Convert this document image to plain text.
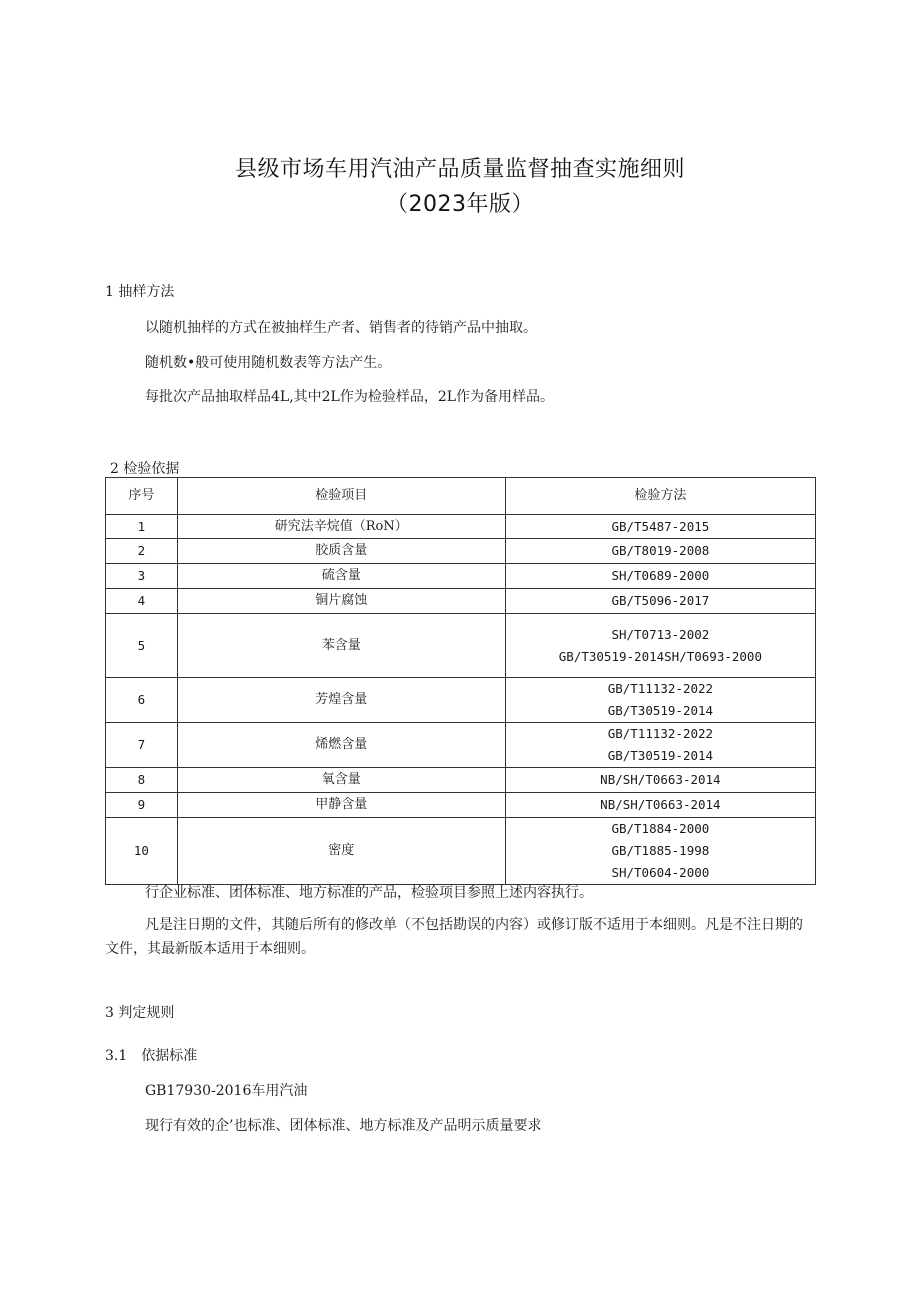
县级市场车用汽油产品质量监督抽查实施细则
（2023年版）
1 抽样方法
以随机抽样的方式在被抽样生产者、销售者的待销产品中抽取。
随机数•般可使用随机数表等方法产生。
每批次产品抽取样品4L,其中2L作为检验样品，2L作为备用样品。
2 检验依据
序号	检验项目	检验方法
1	研究法辛烷值（RoN）	GB/T5487-2015

2	胶质含量	GB/T8019-2008

3	硫含量	SH/T0689-2000

4	铜片腐蚀	GB/T5096-2017

5	苯含量	SH/T0713-2002
GB/T30519-2014SH/T0693-2000

6	芳煌含量	GB/T11132-2022
GB/T30519-2014

7	烯燃含量	GB/T11132-2022
GB/T30519-2014

8	氧含量	NB/SH/T0663-2014

9	甲静含量	NB/SH/T0663-2014

10	密度	GB/T1884-2000
GB/T1885-1998
SH/T0604-2000
行企业标准、团体标准、地方标准的产品，检验项目参照上述内容执行。
凡是注日期的文件，其随后所有的修改单（不包括勘误的内容）或修订版不适用于本细则。凡是不注日期的文件，其最新版本适用于本细则。
3 判定规则
3.1　依据标准
GB17930-2016车用汽油
现行有效的企’也标准、团体标准、地方标准及产品明示质量要求
